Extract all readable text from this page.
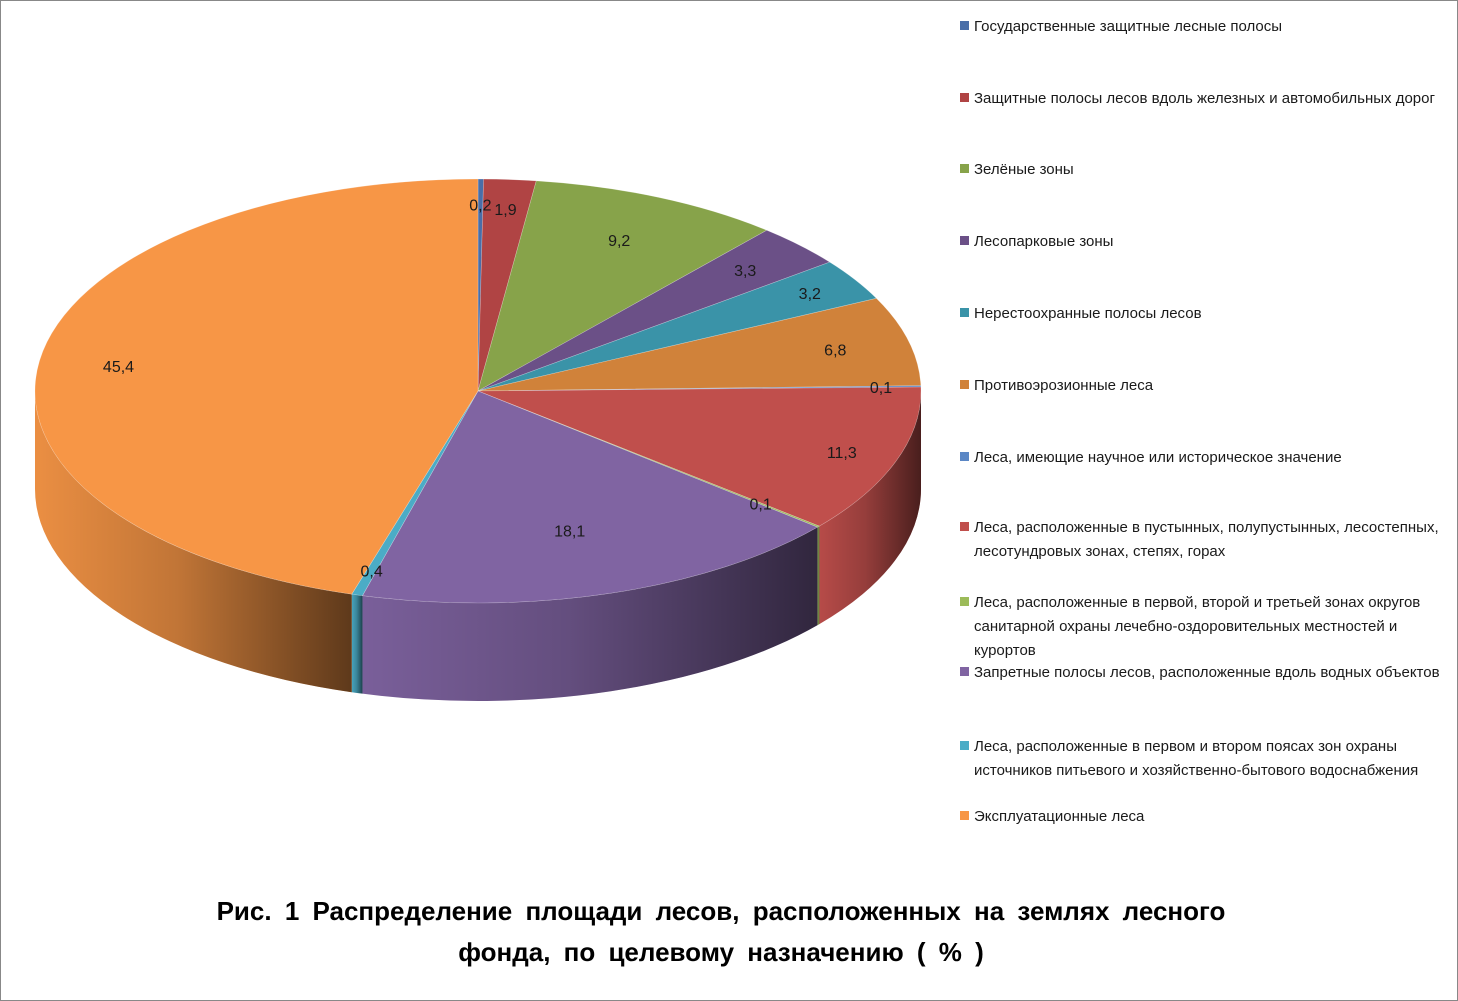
0,2 1,9
9,2
3,3
3,2
6,8
0,1
11,3
0,1
18,1
0,4
45,4
Государственные защитные лесные полосы
Защитные полосы лесов вдоль железных и автомобильных дорог
Зелёные зоны
Лесопарковые зоны
Нерестоохранные полосы лесов
Противоэрозионные леса
Леса, имеющие научное или историческое значение
Леса, расположенные в пустынных, полупустынных, лесостепных, лесотундровых зонах, степях, горах
Леса, расположенные в первой, второй и третьей зонах округов санитарной охраны лечебно-оздоровительных местностей и курортов
Запретные полосы лесов, расположенные вдоль водных объектов
Леса, расположенные в первом и втором поясах зон охраны источников питьевого и хозяйственно-бытового водоснабжения
Эксплуатационные леса
Рис. 1 Распределение площади лесов, расположенных на землях лесного
фонда, по целевому назначению ( % )
